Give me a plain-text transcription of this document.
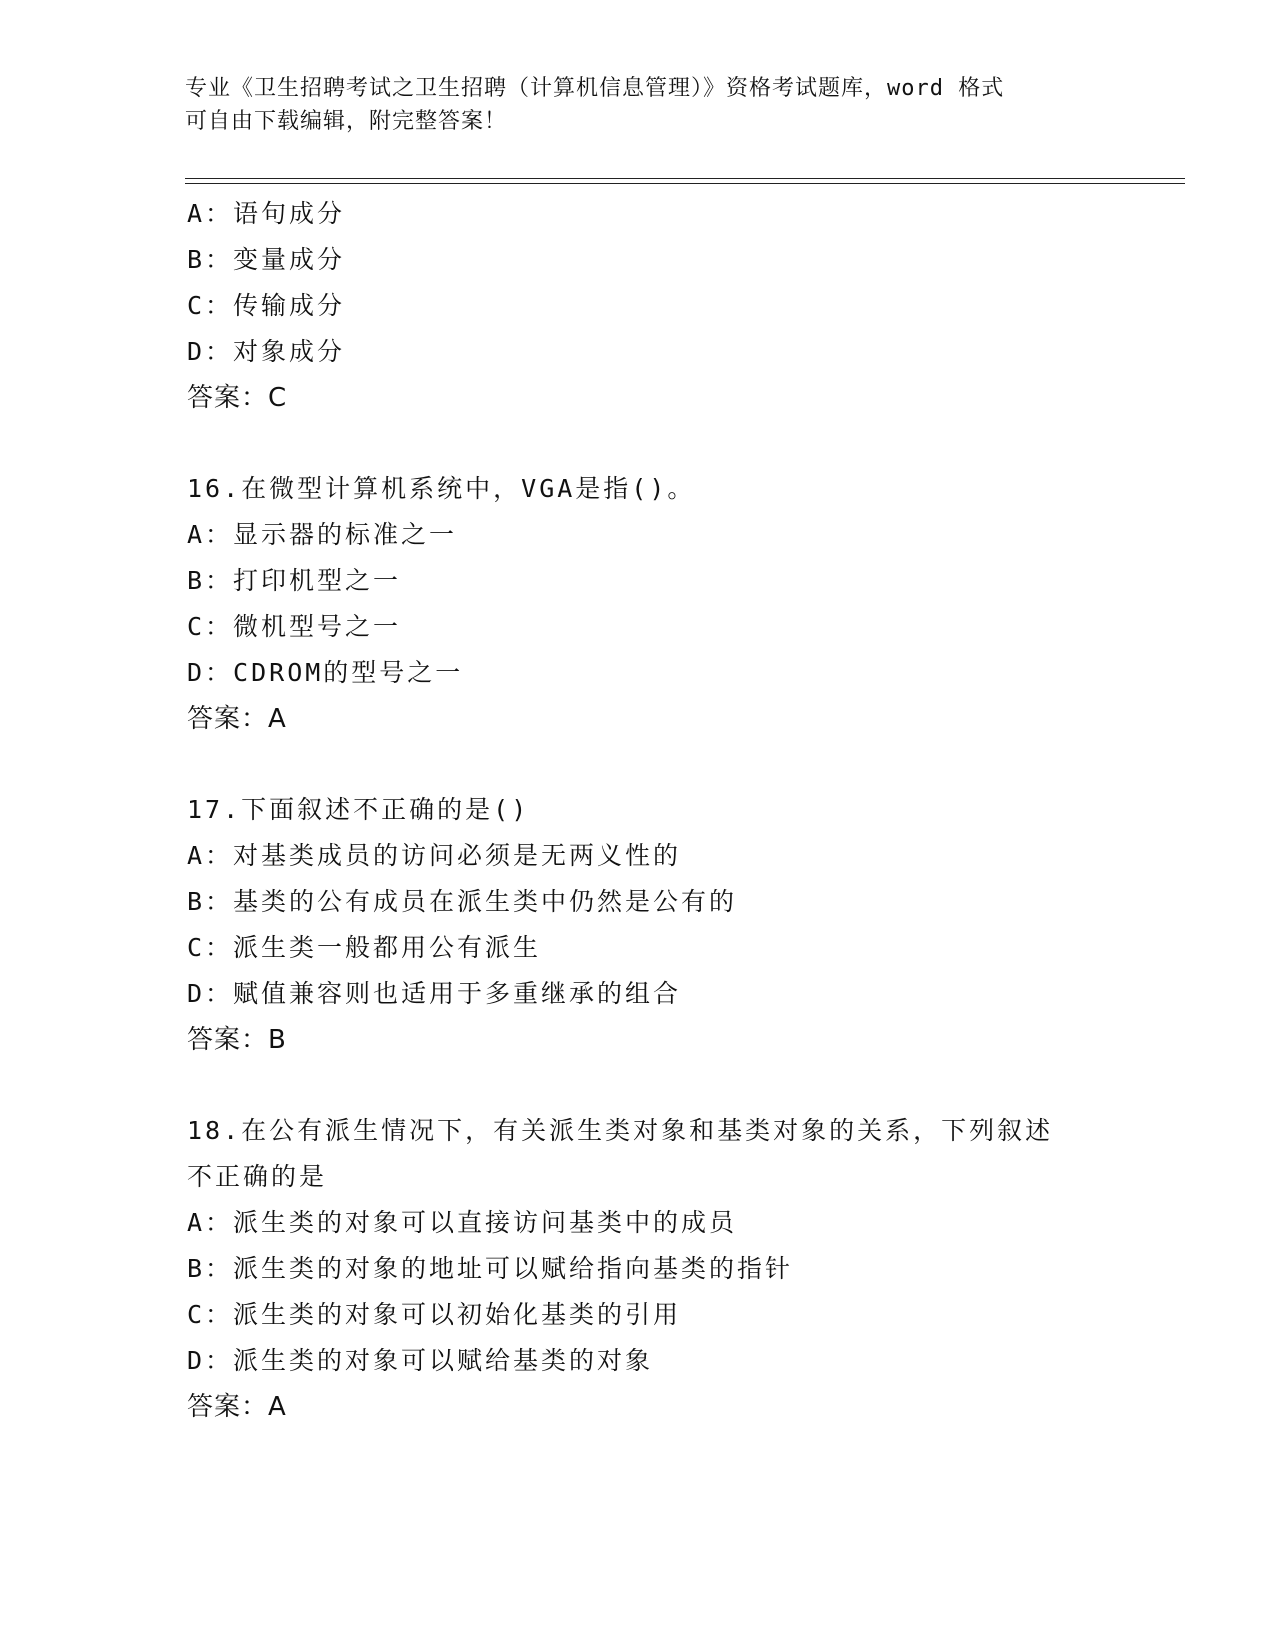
专业《卫生招聘考试之卫生招聘（计算机信息管理）》资格考试题库，word 格式

可自由下载编辑，附完整答案！

A：语句成分
B：变量成分
C：传输成分
D：对象成分
答案：C
16.在微型计算机系统中，VGA是指()。
A：显示器的标准之一
B：打印机型之一
C：微机型号之一
D：CDROM的型号之一
答案：A
17.下面叙述不正确的是()
A：对基类成员的访问必须是无两义性的
B：基类的公有成员在派生类中仍然是公有的
C：派生类一般都用公有派生
D：赋值兼容则也适用于多重继承的组合
答案：B
18.在公有派生情况下，有关派生类对象和基类对象的关系，下列叙述
不正确的是
A：派生类的对象可以直接访问基类中的成员
B：派生类的对象的地址可以赋给指向基类的指针
C：派生类的对象可以初始化基类的引用
D：派生类的对象可以赋给基类的对象
答案：A
